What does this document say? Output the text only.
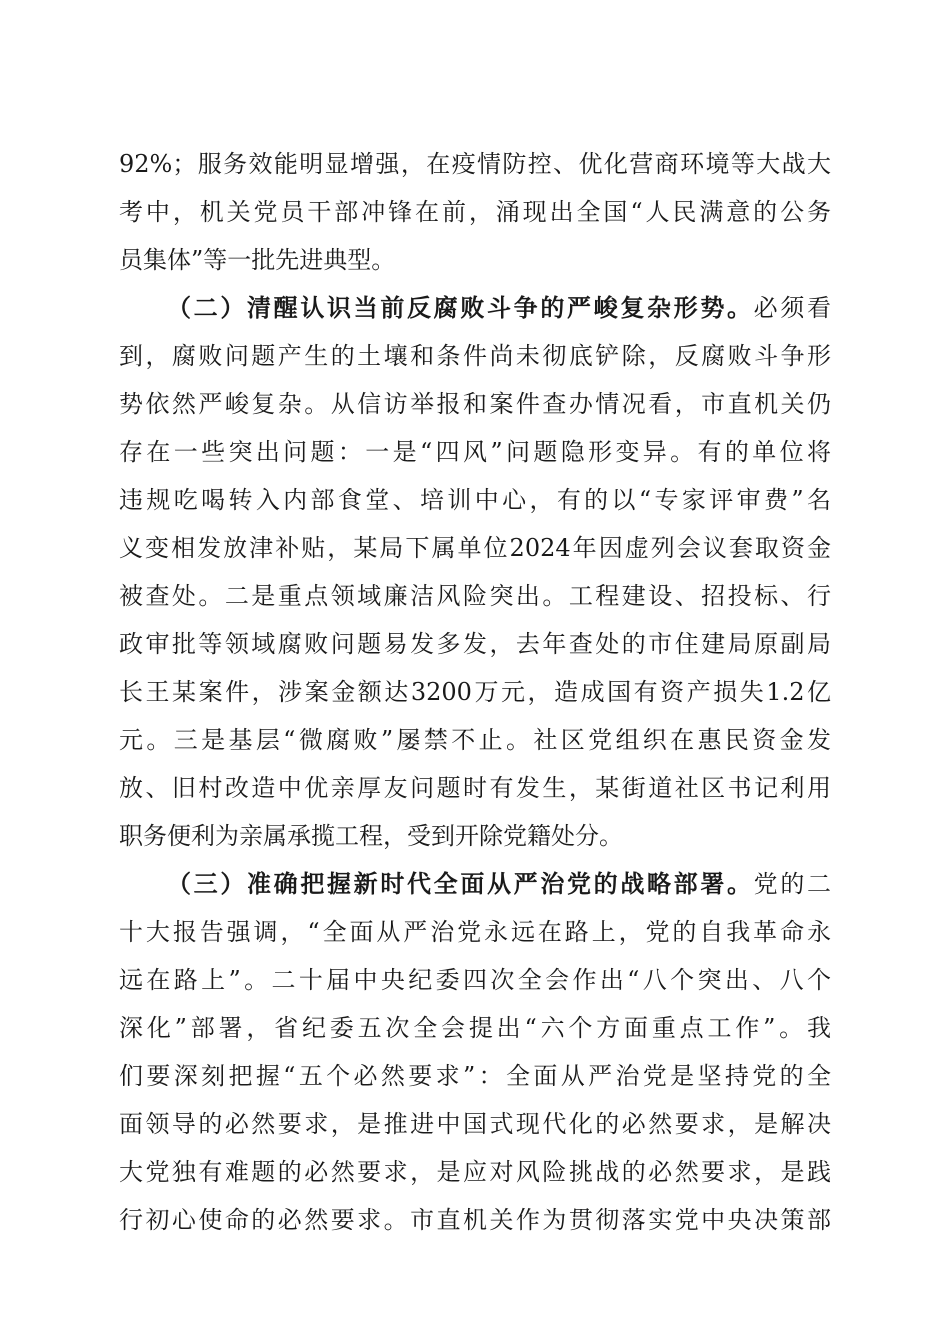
92%；服务效能明显增强，在疫情防控、优化营商环境等大战大
考中，机关党员干部冲锋在前，涌现出全国“人民满意的公务
员集体”等一批先进典型。
（二）清醒认识当前反腐败斗争的严峻复杂形势。必须看
到，腐败问题产生的土壤和条件尚未彻底铲除，反腐败斗争形
势依然严峻复杂。从信访举报和案件查办情况看，市直机关仍
存在一些突出问题：一是“四风”问题隐形变异。有的单位将
违规吃喝转入内部食堂、培训中心，有的以“专家评审费”名
义变相发放津补贴，某局下属单位2024年因虚列会议套取资金
被查处。二是重点领域廉洁风险突出。工程建设、招投标、行
政审批等领域腐败问题易发多发，去年查处的市住建局原副局
长王某案件，涉案金额达3200万元，造成国有资产损失1.2亿
元。三是基层“微腐败”屡禁不止。社区党组织在惠民资金发
放、旧村改造中优亲厚友问题时有发生，某街道社区书记利用
职务便利为亲属承揽工程，受到开除党籍处分。
（三）准确把握新时代全面从严治党的战略部署。党的二
十大报告强调，“全面从严治党永远在路上，党的自我革命永
远在路上”。二十届中央纪委四次全会作出“八个突出、八个
深化”部署，省纪委五次全会提出“六个方面重点工作”。我
们要深刻把握“五个必然要求”：全面从严治党是坚持党的全
面领导的必然要求，是推进中国式现代化的必然要求，是解决
大党独有难题的必然要求，是应对风险挑战的必然要求，是践
行初心使命的必然要求。市直机关作为贯彻落实党中央决策部
